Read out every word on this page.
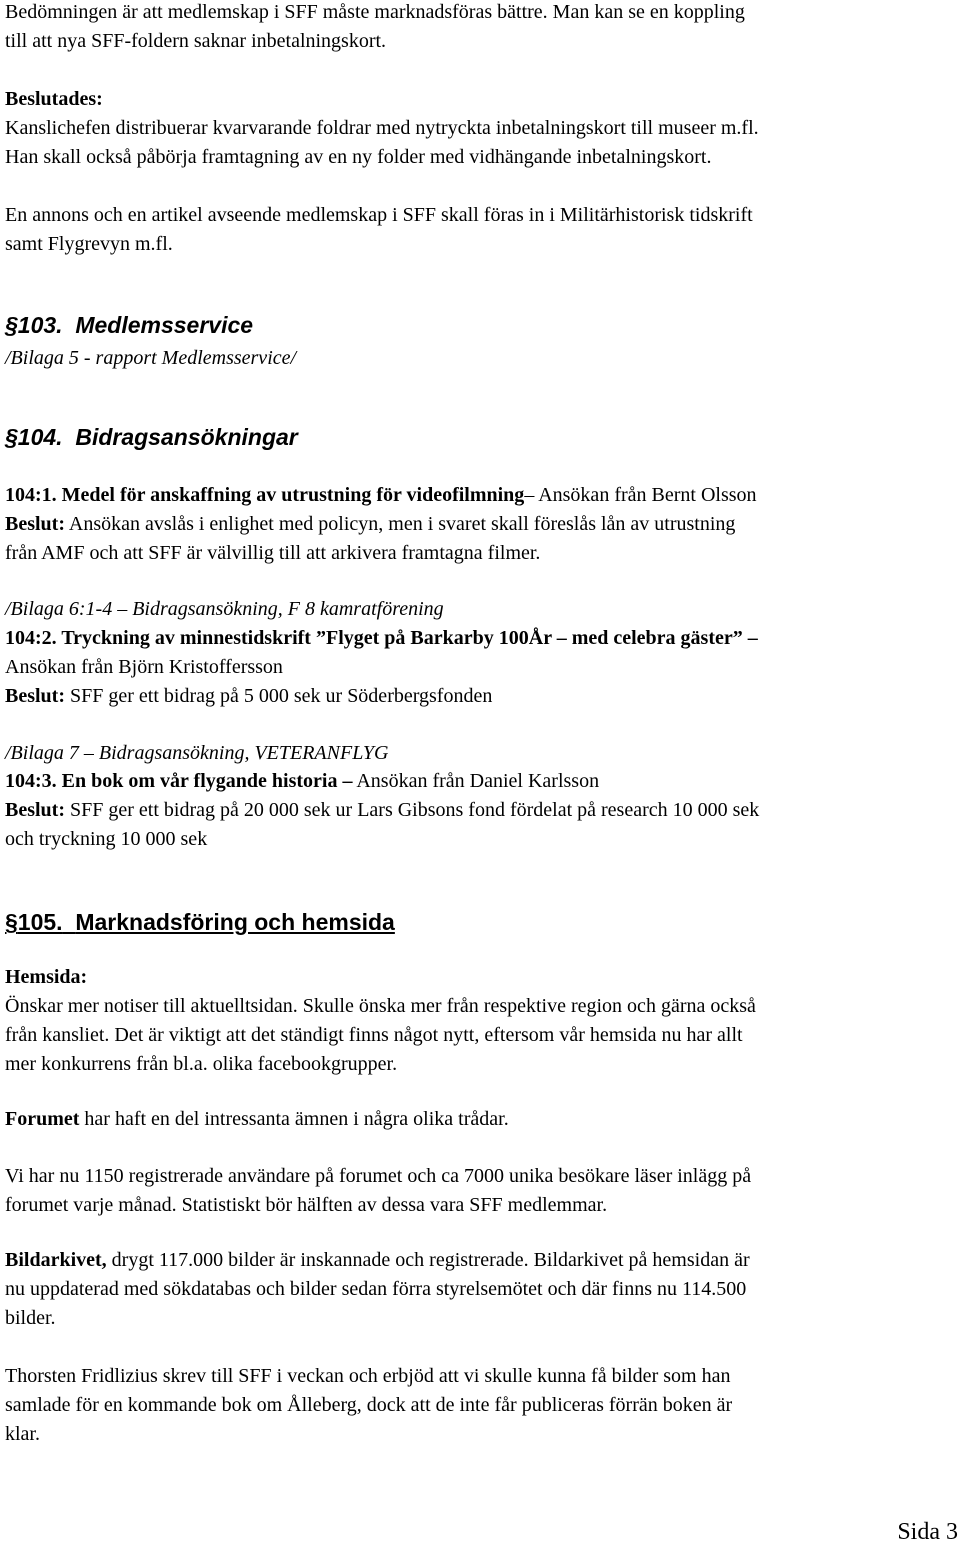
Bedömningen är att medlemskap i SFF måste marknadsföras bättre. Man kan se en koppling
till att nya SFF-foldern saknar inbetalningskort.
Beslutades:
Kanslichefen distribuerar kvarvarande foldrar med nytryckta inbetalningskort till museer m.fl.
Han skall också påbörja framtagning av en ny folder med vidhängande inbetalningskort.
En annons och en artikel avseende medlemskap i SFF skall föras in i Militärhistorisk tidskrift
samt Flygrevyn m.fl.
§103. Medlemsservice
/Bilaga 5 - rapport Medlemsservice/
§104. Bidragsansökningar
104:1. Medel för anskaffning av utrustning för videofilmning– Ansökan från Bernt Olsson
Beslut: Ansökan avslås i enlighet med policyn, men i svaret skall föreslås lån av utrustning
från AMF och att SFF är välvillig till att arkivera framtagna filmer.
/Bilaga 6:1-4 – Bidragsansökning, F 8 kamratförening
104:2. Tryckning av minnestidskrift ”Flyget på Barkarby 100År – med celebra gäster” –
Ansökan från Björn Kristoffersson
Beslut: SFF ger ett bidrag på 5 000 sek ur Söderbergsfonden
/Bilaga 7 – Bidragsansökning, VETERANFLYG
104:3. En bok om vår flygande historia – Ansökan från Daniel Karlsson
Beslut: SFF ger ett bidrag på 20 000 sek ur Lars Gibsons fond fördelat på research 10 000 sek
och tryckning 10 000 sek
§105. Marknadsföring och hemsida
Hemsida:
Önskar mer notiser till aktuelltsidan. Skulle önska mer från respektive region och gärna också
från kansliet. Det är viktigt att det ständigt finns något nytt, eftersom vår hemsida nu har allt
mer konkurrens från bl.a. olika facebookgrupper.
Forumet har haft en del intressanta ämnen i några olika trådar.
Vi har nu 1150 registrerade användare på forumet och ca 7000 unika besökare läser inlägg på
forumet varje månad. Statistiskt bör hälften av dessa vara SFF medlemmar.
Bildarkivet, drygt 117.000 bilder är inskannade och registrerade. Bildarkivet på hemsidan är
nu uppdaterad med sökdatabas och bilder sedan förra styrelsemötet och där finns nu 114.500
bilder.
Thorsten Fridlizius skrev till SFF i veckan och erbjöd att vi skulle kunna få bilder som han
samlade för en kommande bok om Ålleberg, dock att de inte får publiceras förrän boken är
klar.
Sida 3
